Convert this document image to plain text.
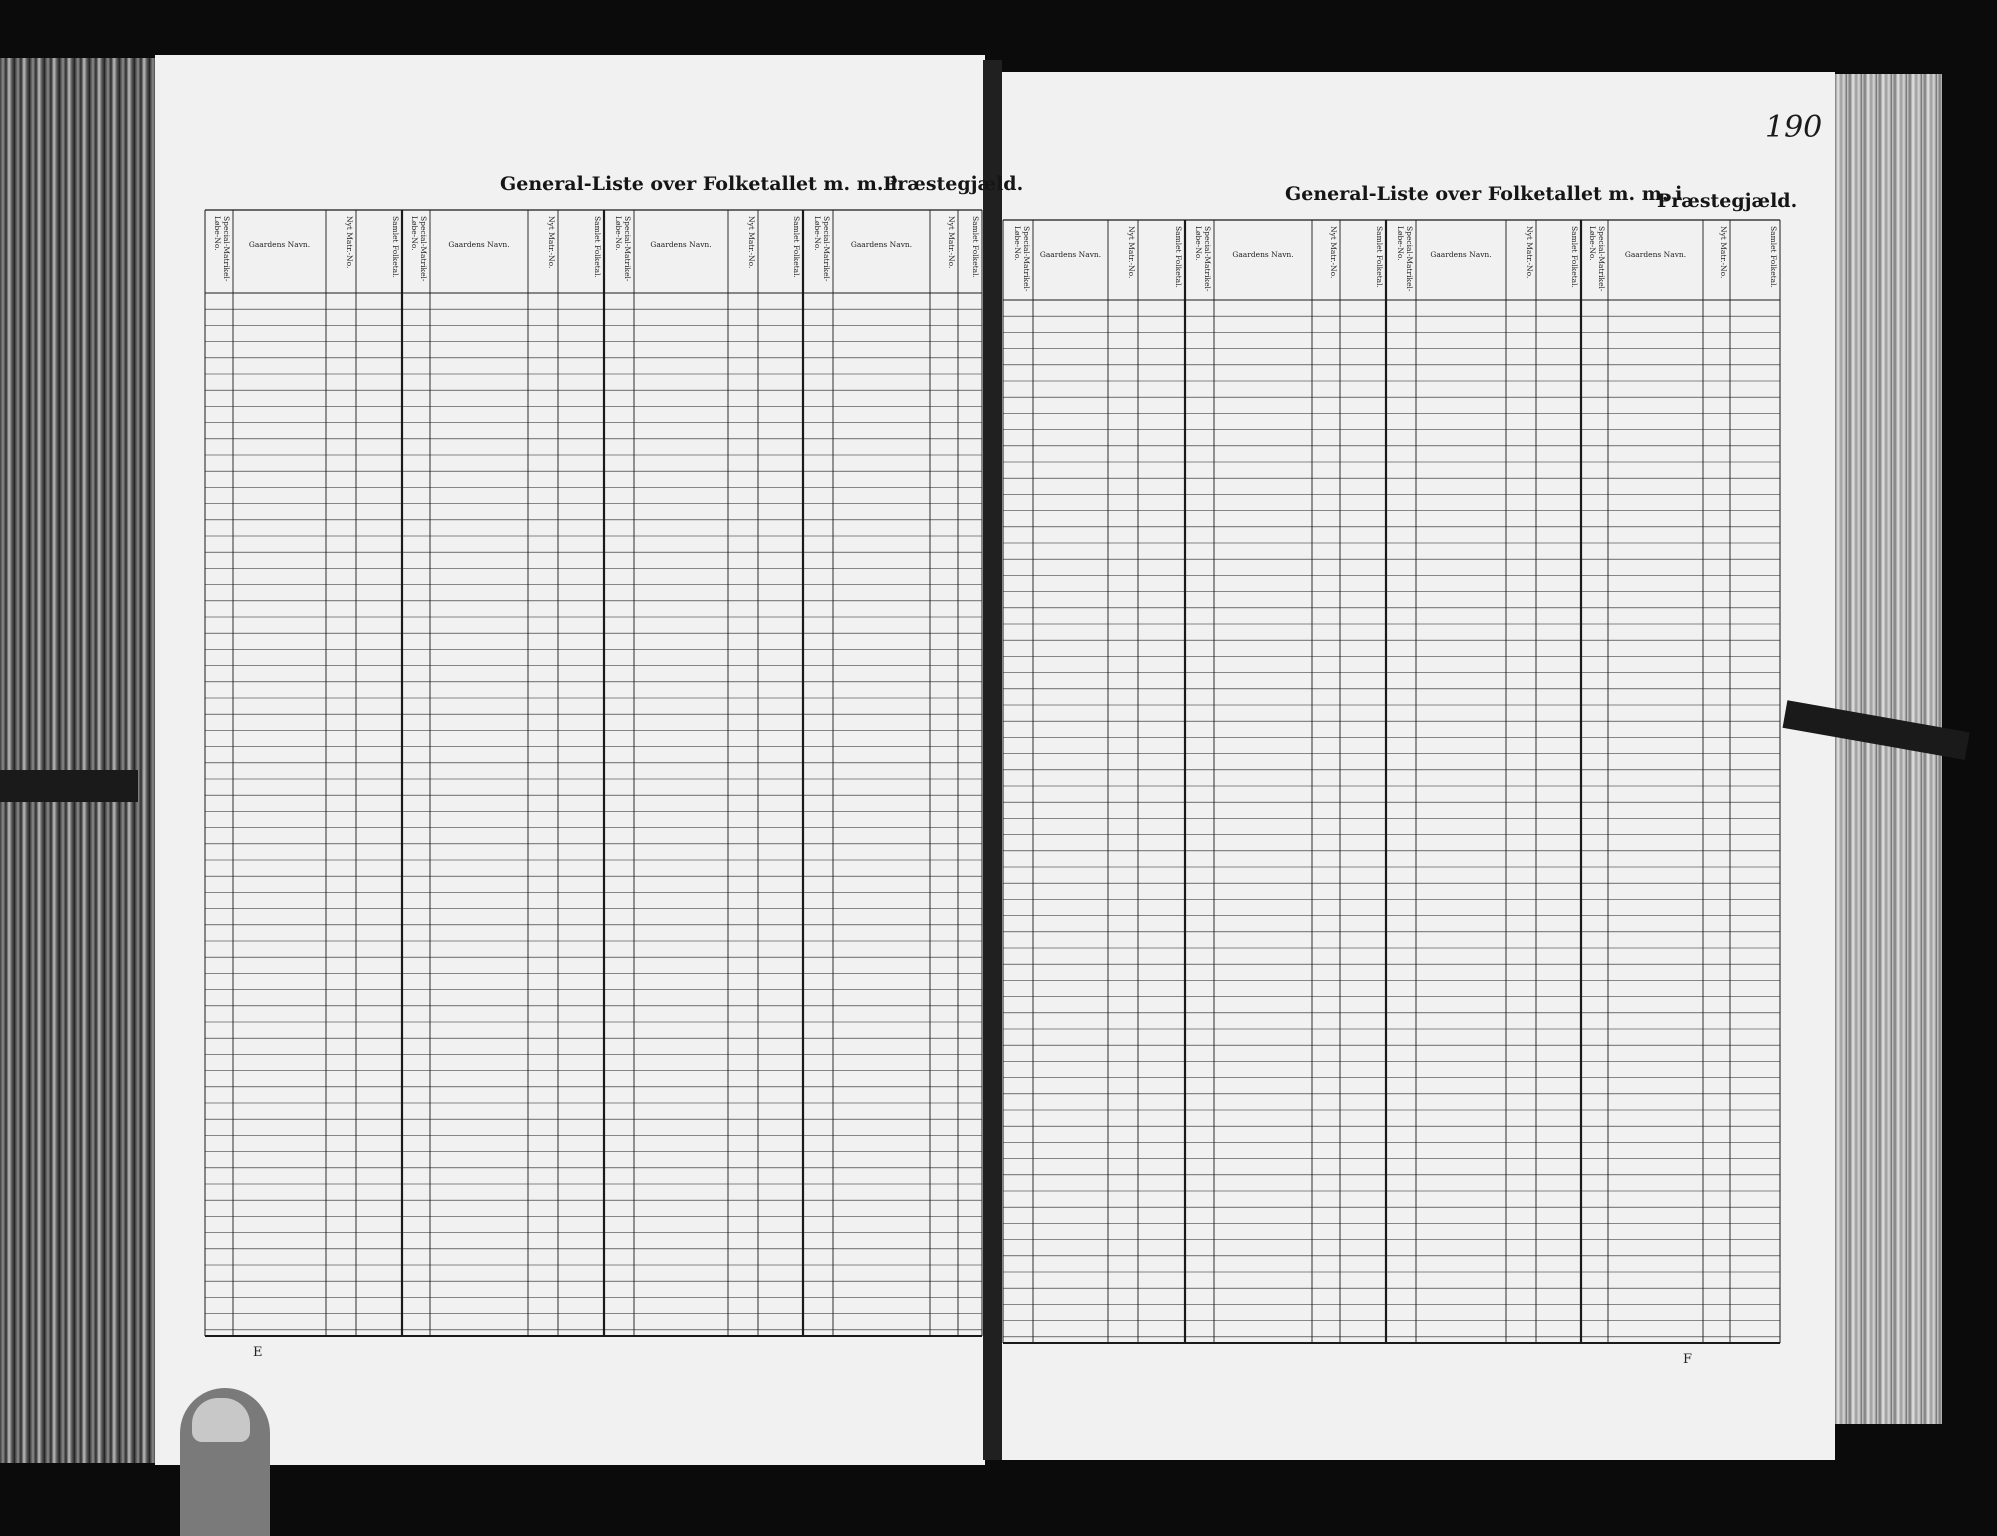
General-Liste over Folketallet m. m. i
Præstegjæld.	General-Liste over Folketallet m. m. i
Præstegjæld.
190
E	F
Special-Matrikel-Løbe-No.	Gaardens Navn.	Nyt Matr.-No.	Samlet Folketal.	Special-Matrikel-Løbe-No.	Gaardens Navn.	Nyt Matr.-No.	Samlet Folketal.	Special-Matrikel-Løbe-No.	Gaardens Navn.	Nyt Matr.-No.	Samlet Folketal.	Special-Matrikel-Løbe-No.	Gaardens Navn.	Nyt Matr.-No.	Samlet Folketal.	Special-Matrikel-Løbe-No.	Gaardens Navn.	Nyt Matr.-No.	Samlet Folketal.	Special-Matrikel-Løbe-No.	Gaardens Navn.	Nyt Matr.-No.	Samlet Folketal.	Special-Matrikel-Løbe-No.	Gaardens Navn.	Nyt Matr.-No.	Samlet Folketal.	Special-Matrikel-Løbe-No.	Gaardens Navn.	Nyt Matr.-No.	Samlet Folketal.
